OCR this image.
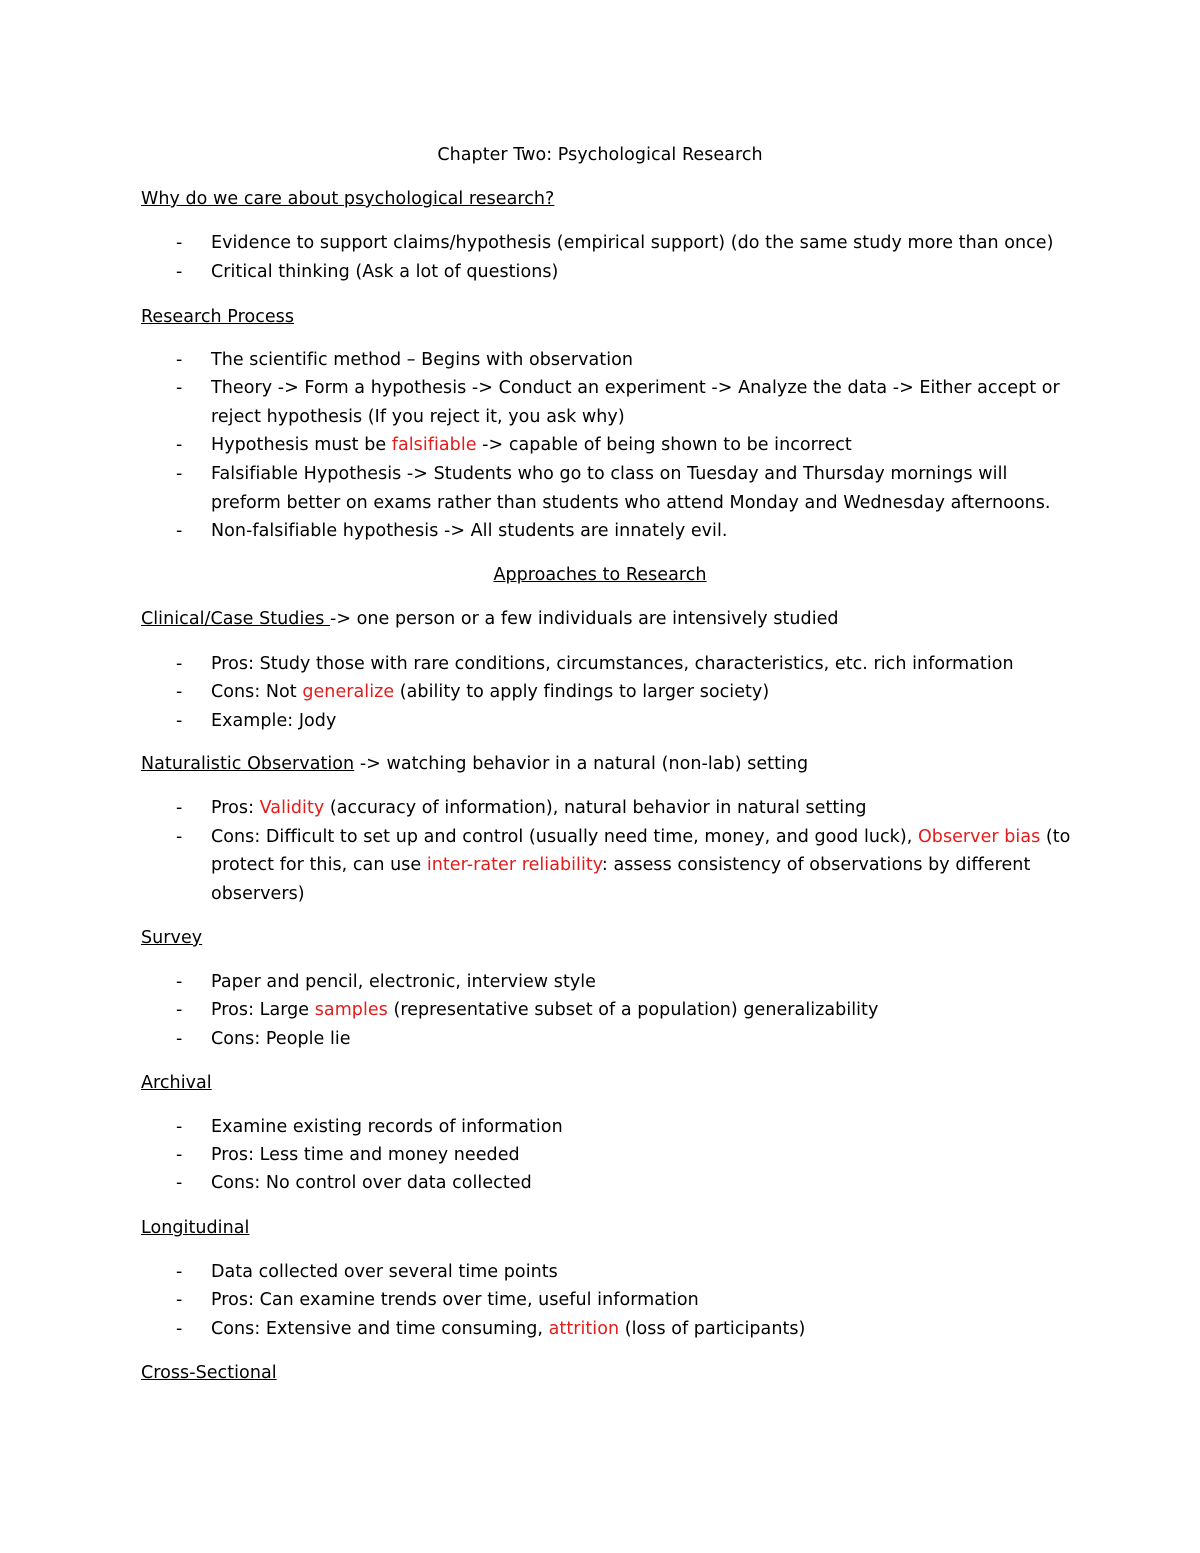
Chapter Two: Psychological Research
Why do we care about psychological research?
- Evidence to support claims/hypothesis (empirical support) (do the same study more than once)
- Critical thinking (Ask a lot of questions)
Research Process
- The scientific method – Begins with observation
- Theory -> Form a hypothesis -> Conduct an experiment -> Analyze the data -> Either accept or
reject hypothesis (If you reject it, you ask why)
- Hypothesis must be falsifiable -> capable of being shown to be incorrect
- Falsifiable Hypothesis -> Students who go to class on Tuesday and Thursday mornings will
preform better on exams rather than students who attend Monday and Wednesday afternoons.
- Non-falsifiable hypothesis -> All students are innately evil.
Approaches to Research
Clinical/Case Studies -> one person or a few individuals are intensively studied
- Pros: Study those with rare conditions, circumstances, characteristics, etc. rich information
- Cons: Not generalize (ability to apply findings to larger society)
- Example: Jody
Naturalistic Observation -> watching behavior in a natural (non-lab) setting
- Pros: Validity (accuracy of information), natural behavior in natural setting
- Cons: Difficult to set up and control (usually need time, money, and good luck), Observer bias (to
protect for this, can use inter-rater reliability: assess consistency of observations by different
observers)
Survey
- Paper and pencil, electronic, interview style
- Pros: Large samples (representative subset of a population) generalizability
- Cons: People lie
Archival
- Examine existing records of information
- Pros: Less time and money needed
- Cons: No control over data collected
Longitudinal
- Data collected over several time points
- Pros: Can examine trends over time, useful information
- Cons: Extensive and time consuming, attrition (loss of participants)
Cross-Sectional
